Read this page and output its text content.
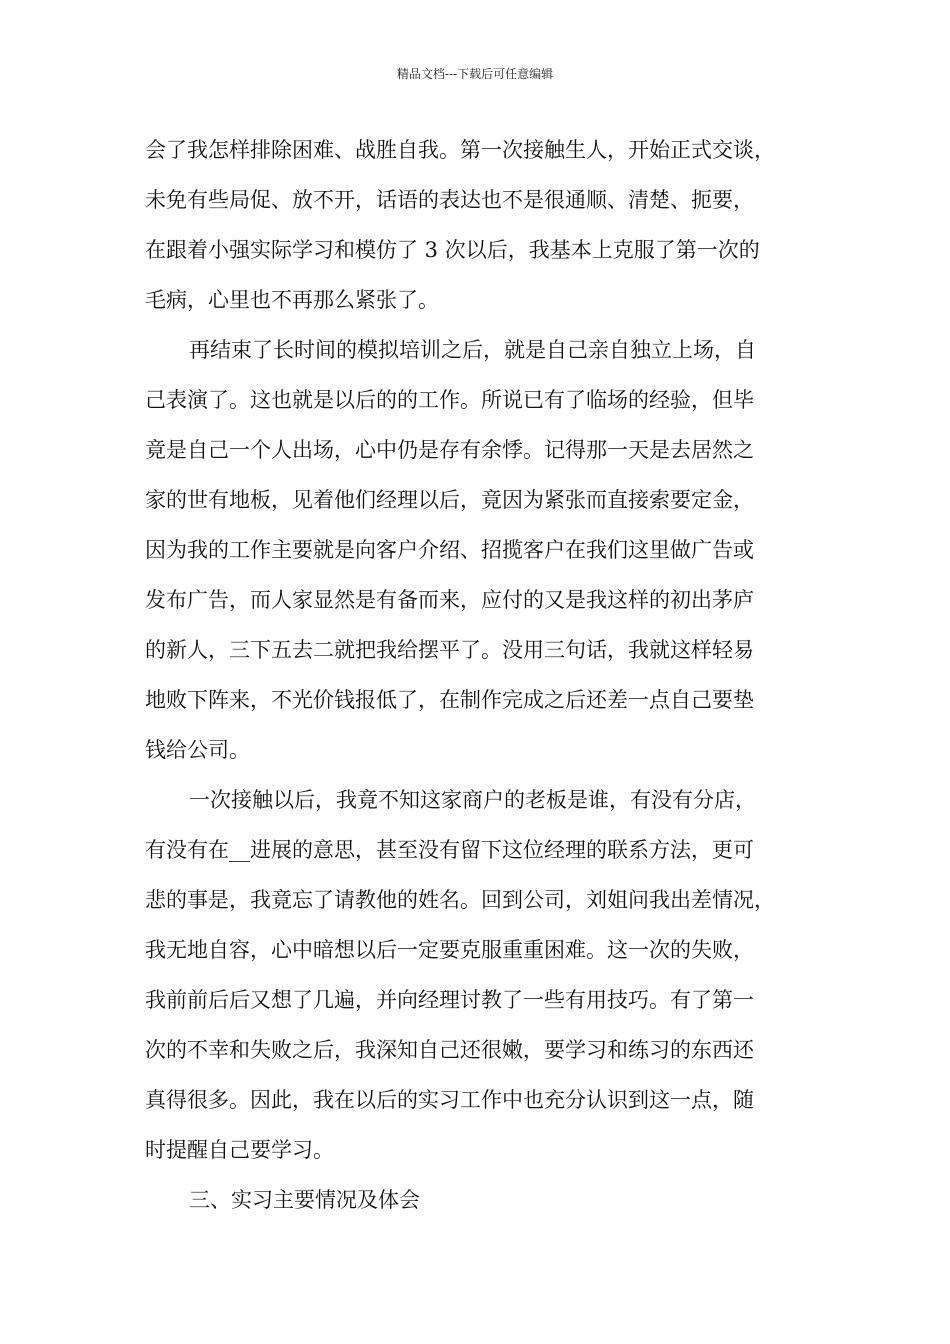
精品文档---下载后可任意编辑
会了我怎样排除困难、战胜自我。第一次接触生人，开始正式交谈，
未免有些局促、放不开，话语的表达也不是很通顺、清楚、扼要，
在跟着小强实际学习和模仿了 3 次以后，我基本上克服了第一次的
毛病，心里也不再那么紧张了。
再结束了长时间的模拟培训之后，就是自己亲自独立上场，自
己表演了。这也就是以后的的工作。所说已有了临场的经验，但毕
竟是自己一个人出场，心中仍是存有余悸。记得那一天是去居然之
家的世有地板，见着他们经理以后，竟因为紧张而直接索要定金，
因为我的工作主要就是向客户介绍、招揽客户在我们这里做广告或
发布广告，而人家显然是有备而来，应付的又是我这样的初出茅庐
的新人，三下五去二就把我给摆平了。没用三句话，我就这样轻易
地败下阵来，不光价钱报低了，在制作完成之后还差一点自己要垫
钱给公司。
一次接触以后，我竟不知这家商户的老板是谁，有没有分店，
有没有在__进展的意思，甚至没有留下这位经理的联系方法，更可
悲的事是，我竟忘了请教他的姓名。回到公司，刘姐问我出差情况，
我无地自容，心中暗想以后一定要克服重重困难。这一次的失败，
我前前后后又想了几遍，并向经理讨教了一些有用技巧。有了第一
次的不幸和失败之后，我深知自己还很嫩，要学习和练习的东西还
真得很多。因此，我在以后的实习工作中也充分认识到这一点，随
时提醒自己要学习。
三、实习主要情况及体会
